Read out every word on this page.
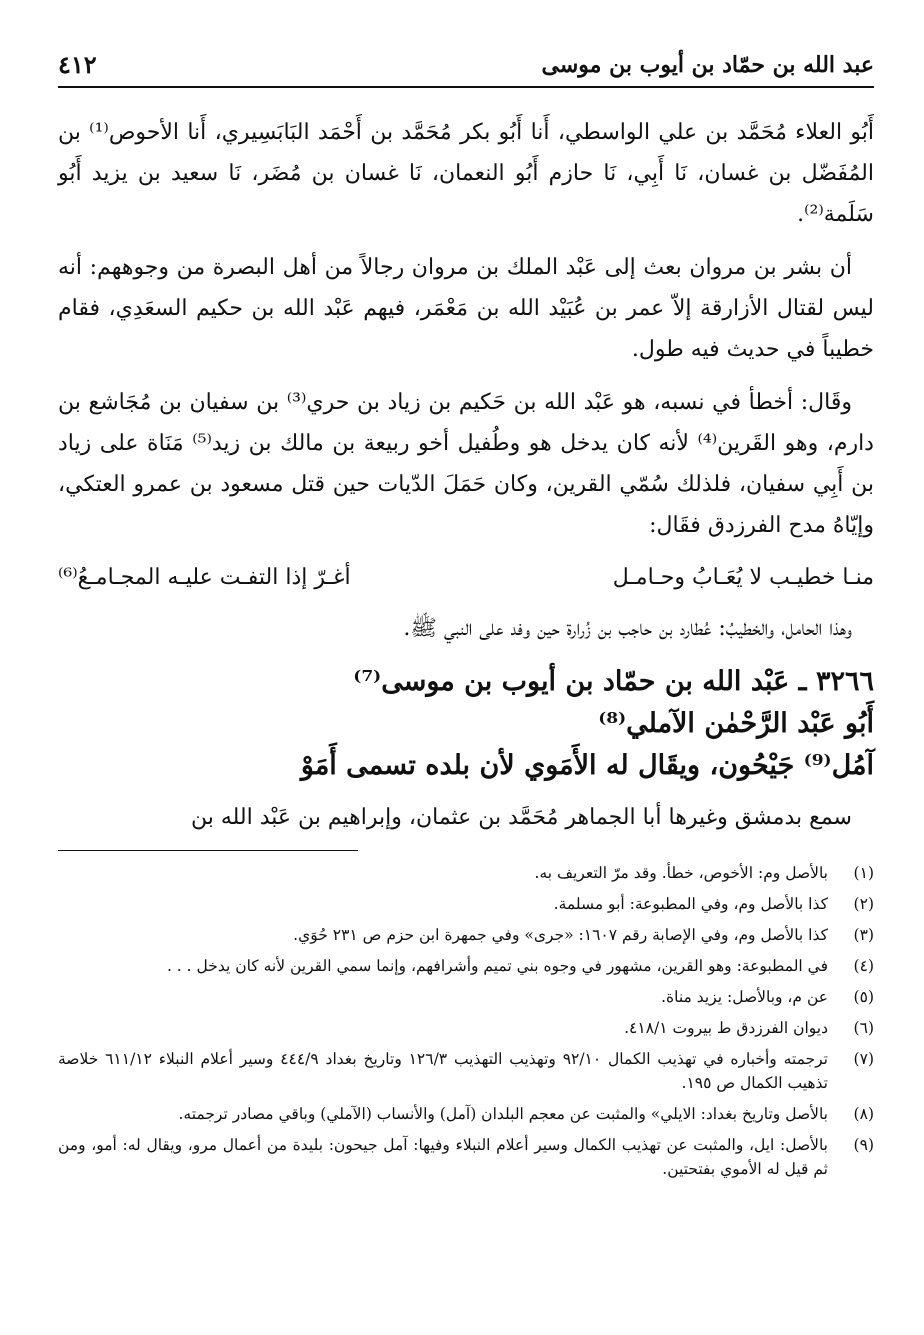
عبد الله بن حمّاد بن أيوب بن موسى
٤١٢

أَبُو العلاء مُحَمَّد بن علي الواسطي، أَنا أَبُو بكر مُحَمَّد بن أَحْمَد البَابَسِيري، أَنا الأحوص⁽¹⁾ بن المُفَضّل بن غسان، نَا أَبِي، نَا حازم أَبُو النعمان، نَا غسان بن مُضَر، نَا سعيد بن يزيد أَبُو سَلَمة⁽²⁾.

أن بشر بن مروان بعث إلى عَبْد الملك بن مروان رجالاً من أهل البصرة من وجوههم: أنه ليس لقتال الأزارقة إلاّ عمر بن عُبَيْد الله بن مَعْمَر، فيهم عَبْد الله بن حكيم السعَدِي، فقام خطيباً في حديث فيه طول.

وقَال: أخطأ في نسبه، هو عَبْد الله بن حَكيم بن زياد بن حري⁽³⁾ بن سفيان بن مُجَاشع بن دارم، وهو القَرين⁽⁴⁾ لأنه كان يدخل هو وطُفيل أخو ربيعة بن مالك بن زيد⁽⁵⁾ مَنَاة على زياد بن أَبِي سفيان، فلذلك سُمّي القرين، وكان حَمَلَ الدّيات حين قتل مسعود بن عمرو العتكي، وإيّاهُ مدح الفرزدق فقَال:

منـا خطيـب لا يُعَـابُ وحـامـل
أغـرّ إذا التفـت عليـه المجـامـعُ⁽⁶⁾

وهذا الحامل، والخطيبُ: عُطارد بن حاجب بن زُرارة حين وفد على النبي ﷺ.

٣٢٦٦ ـ عَبْد الله بن حمّاد بن أيوب بن موسى⁽⁷⁾
أَبُو عَبْد الرَّحْمٰن الآملي⁽⁸⁾
آمُل⁽⁹⁾ جَيْحُون، ويقَال له الأَمَوي لأن بلده تسمى أَمَوْ

سمع بدمشق وغيرها أبا الجماهر مُحَمَّد بن عثمان، وإبراهيم بن عَبْد الله بن

(١)
بالأصل وم: الأخوص، خطأ. وقد مرّ التعريف به.
(٢)
كذا بالأصل وم، وفي المطبوعة: أبو مسلمة.
(٣)
كذا بالأصل وم، وفي الإصابة رقم ١٦٠٧: «جرى» وفي جمهرة ابن حزم ص ٢٣١ حُوَي.
(٤)
في المطبوعة: وهو القرين، مشهور في وجوه بني تميم وأشرافهم، وإنما سمي القرين لأنه كان يدخل . . .
(٥)
عن م، وبالأصل: يزيد مناة.
(٦)
ديوان الفرزدق ط بيروت ٤١٨/١.
(٧)
ترجمته وأخباره في تهذيب الكمال ٩٢/١٠ وتهذيب التهذيب ١٢٦/٣ وتاريخ بغداد ٤٤٤/٩ وسير أعلام النبلاء ٦١١/١٢ خلاصة تذهيب الكمال ص ١٩٥.
(٨)
بالأصل وتاريخ بغداد: الايلي» والمثبت عن معجم البلدان (آمل) والأنساب (الآملي) وباقي مصادر ترجمته.
(٩)
بالأصل: ايل، والمثبت عن تهذيب الكمال وسير أعلام النبلاء وفيها: آمل جيحون: بليدة من أعمال مرو، ويقال له: أمو، ومن ثم قيل له الأموي بفتحتين.
